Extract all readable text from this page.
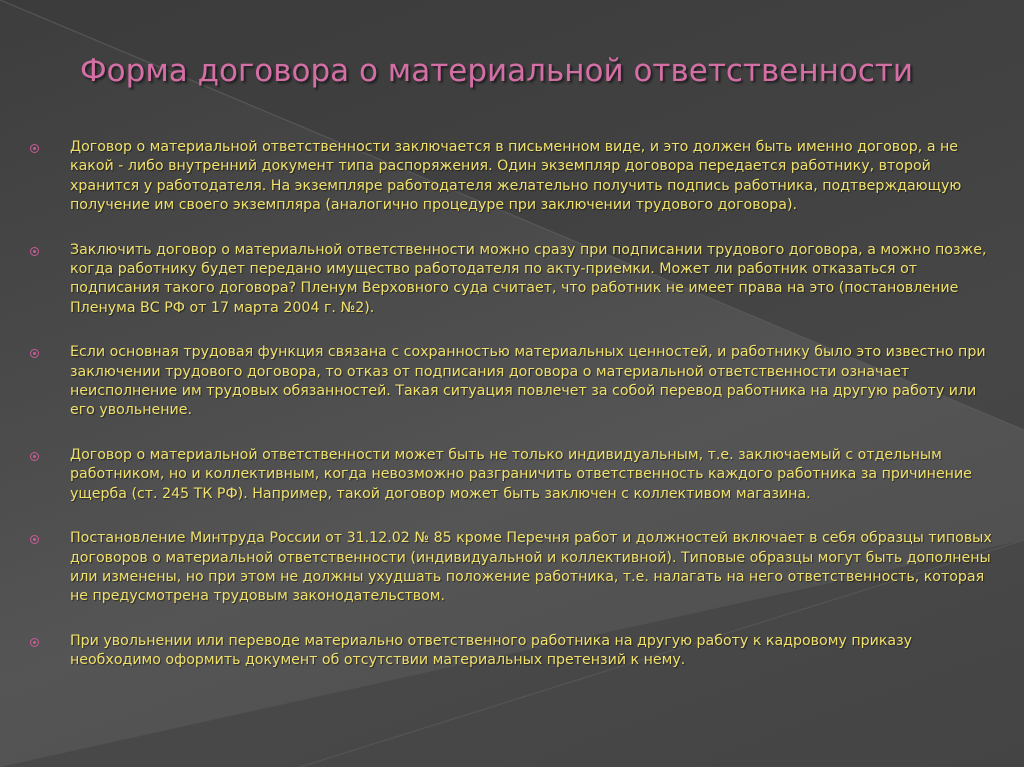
Форма договора о материальной ответственности
Договор о материальной ответственности заключается в письменном виде, и это должен быть именно договор, а не какой - либо внутренний документ типа распоряжения. Один экземпляр договора передается работнику, второй хранится у работодателя. На экземпляре работодателя желательно получить подпись работника, подтверждающую получение им своего экземпляра (аналогично процедуре при заключении трудового договора).
Заключить договор о материальной ответственности можно сразу при подписании трудового договора, а можно позже, когда работнику будет передано имущество работодателя по акту-приемки. Может ли работник отказаться от подписания такого договора? Пленум Верховного суда считает, что работник не имеет права на это (постановление Пленума ВС РФ от 17 марта 2004 г. №2).
Если основная трудовая функция связана с сохранностью материальных ценностей, и работнику было это известно при заключении трудового договора, то отказ от подписания договора о материальной ответственности означает неисполнение им трудовых обязанностей. Такая ситуация повлечет за собой перевод работника на другую работу или его увольнение.
Договор о материальной ответственности может быть не только индивидуальным, т.е. заключаемый с отдельным работником, но и коллективным, когда невозможно разграничить ответственность каждого работника за причинение ущерба (ст. 245 ТК РФ). Например, такой договор может быть заключен с коллективом магазина.
Постановление Минтруда России от 31.12.02 № 85 кроме Перечня работ и должностей включает в себя образцы типовых договоров о материальной ответственности (индивидуальной и коллективной). Типовые образцы могут быть дополнены или изменены, но при этом не должны ухудшать положение работника, т.е. налагать на него ответственность, которая не предусмотрена трудовым законодательством.
При увольнении или переводе материально ответственного работника на другую работу к кадровому приказу необходимо оформить документ об отсутствии материальных претензий к нему.
